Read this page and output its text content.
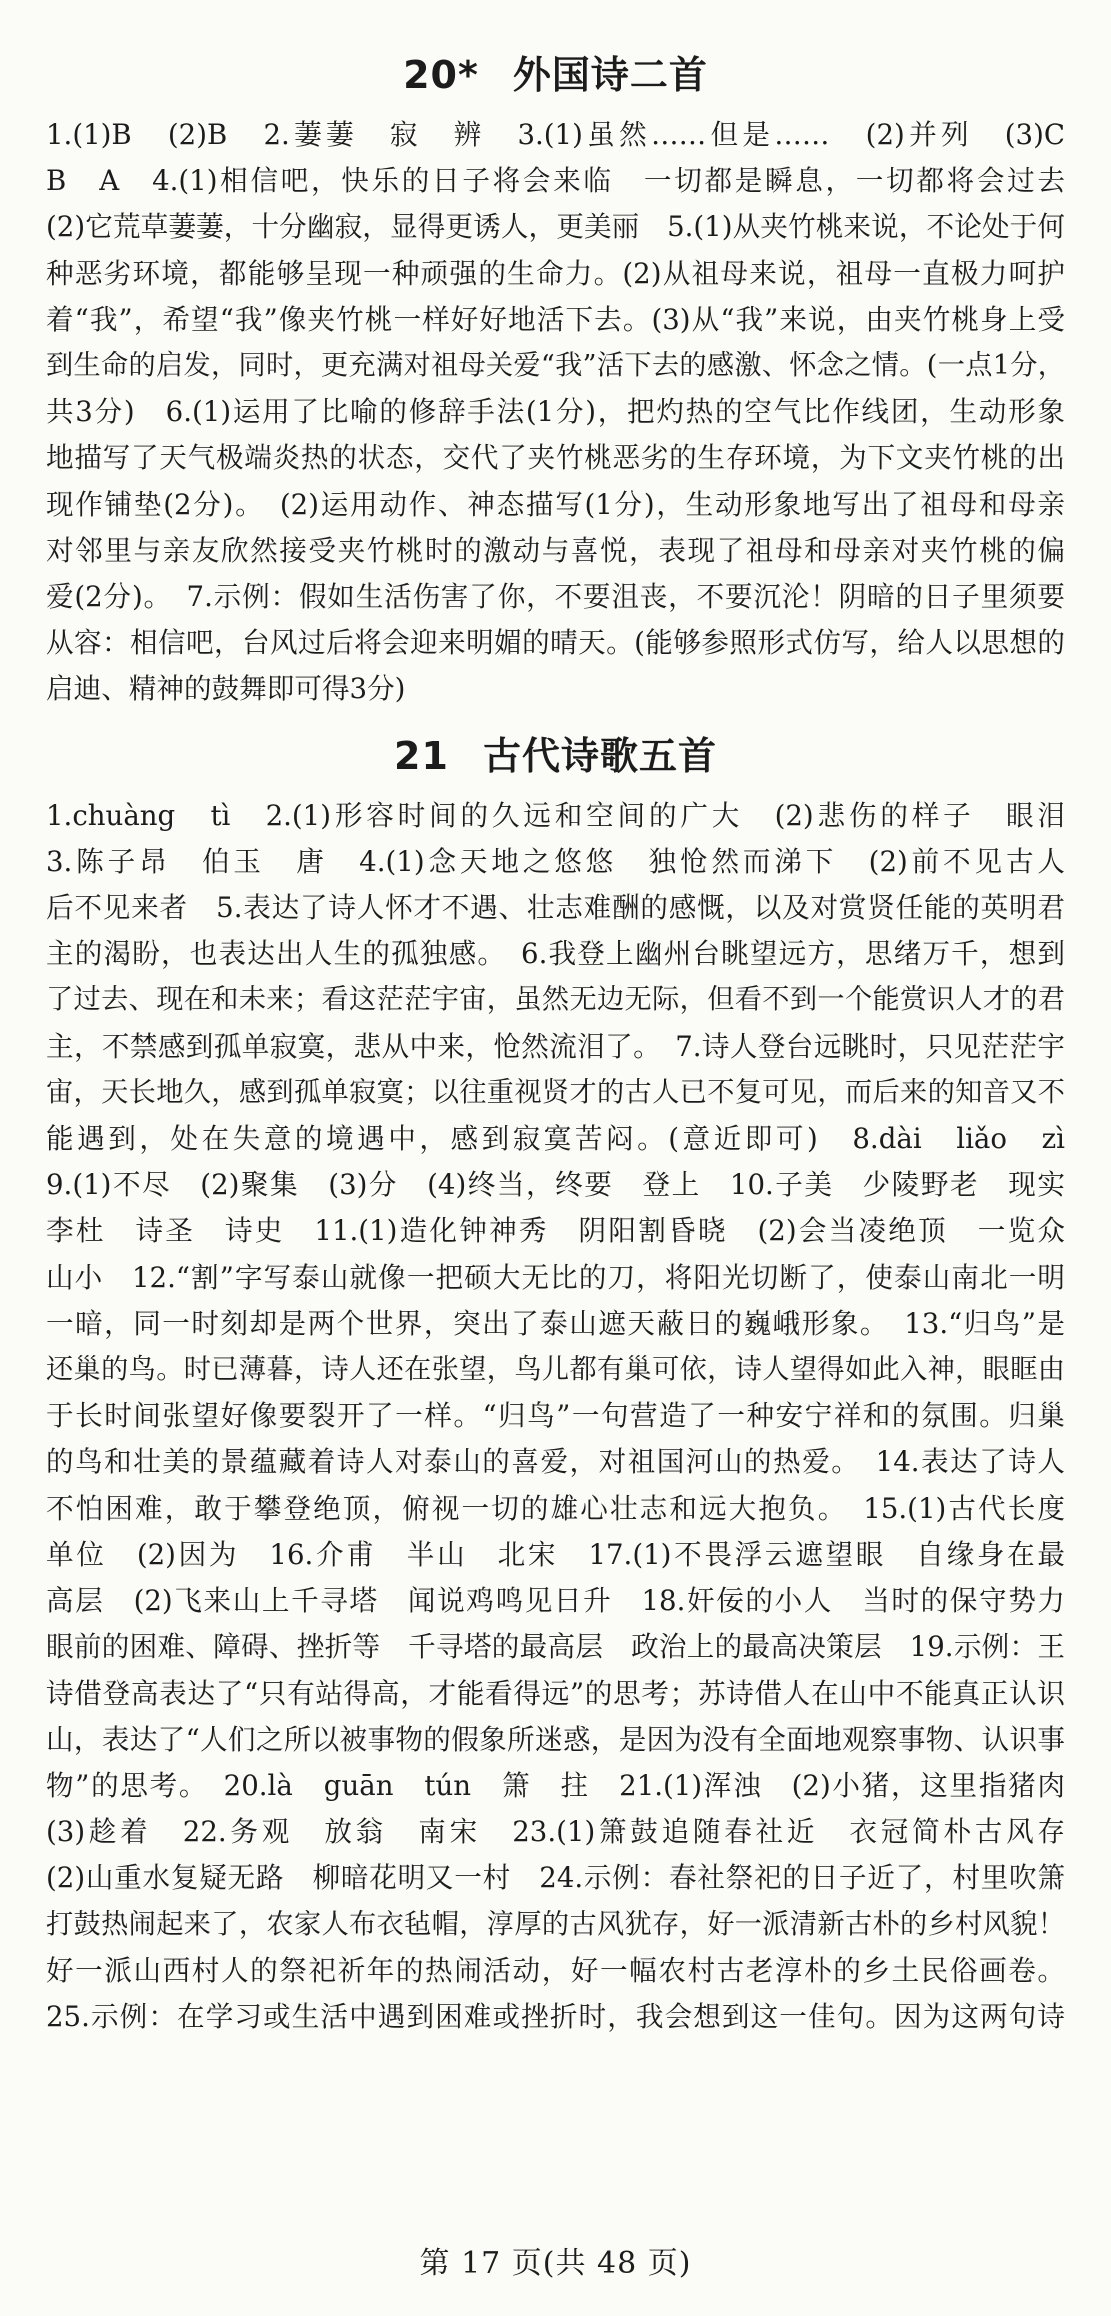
20* 外国诗二首

1.(1)B　(2)B　2.萋萋　寂　辨　3.(1)虽然……但是……　(2)并列　(3)C

B　A　4.(1)相信吧，快乐的日子将会来临　一切都是瞬息，一切都将会过去

(2)它荒草萋萋，十分幽寂，显得更诱人，更美丽　5.(1)从夹竹桃来说，不论处于何

种恶劣环境，都能够呈现一种顽强的生命力。(2)从祖母来说，祖母一直极力呵护

着“我”，希望“我”像夹竹桃一样好好地活下去。(3)从“我”来说，由夹竹桃身上受

到生命的启发，同时，更充满对祖母关爱“我”活下去的感激、怀念之情。(一点1分，

共3分)　6.(1)运用了比喻的修辞手法(1分)，把灼热的空气比作线团，生动形象

地描写了天气极端炎热的状态，交代了夹竹桃恶劣的生存环境，为下文夹竹桃的出

现作铺垫(2分)。　(2)运用动作、神态描写(1分)，生动形象地写出了祖母和母亲

对邻里与亲友欣然接受夹竹桃时的激动与喜悦，表现了祖母和母亲对夹竹桃的偏

爱(2分)。　7.示例：假如生活伤害了你，不要沮丧，不要沉沦！阴暗的日子里须要

从容：相信吧，台风过后将会迎来明媚的晴天。(能够参照形式仿写，给人以思想的

启迪、精神的鼓舞即可得3分)

21 古代诗歌五首

1.chuàng　tì　2.(1)形容时间的久远和空间的广大　(2)悲伤的样子　眼泪

3.陈子昂　伯玉　唐　4.(1)念天地之悠悠　独怆然而涕下　(2)前不见古人

后不见来者　5.表达了诗人怀才不遇、壮志难酬的感慨，以及对赏贤任能的英明君

主的渴盼，也表达出人生的孤独感。　6.我登上幽州台眺望远方，思绪万千，想到

了过去、现在和未来；看这茫茫宇宙，虽然无边无际，但看不到一个能赏识人才的君

主，不禁感到孤单寂寞，悲从中来，怆然流泪了。　7.诗人登台远眺时，只见茫茫宇

宙，天长地久，感到孤单寂寞；以往重视贤才的古人已不复可见，而后来的知音又不

能遇到，处在失意的境遇中，感到寂寞苦闷。(意近即可)　8.dài　liǎo　zì

9.(1)不尽　(2)聚集　(3)分　(4)终当，终要　登上　10.子美　少陵野老　现实

李杜　诗圣　诗史　11.(1)造化钟神秀　阴阳割昏晓　(2)会当凌绝顶　一览众

山小　12.“割”字写泰山就像一把硕大无比的刀，将阳光切断了，使泰山南北一明

一暗，同一时刻却是两个世界，突出了泰山遮天蔽日的巍峨形象。　13.“归鸟”是

还巢的鸟。时已薄暮，诗人还在张望，鸟儿都有巢可依，诗人望得如此入神，眼眶由

于长时间张望好像要裂开了一样。“归鸟”一句营造了一种安宁祥和的氛围。归巢

的鸟和壮美的景蕴藏着诗人对泰山的喜爱，对祖国河山的热爱。　14.表达了诗人

不怕困难，敢于攀登绝顶，俯视一切的雄心壮志和远大抱负。　15.(1)古代长度

单位　(2)因为　16.介甫　半山　北宋　17.(1)不畏浮云遮望眼　自缘身在最

高层　(2)飞来山上千寻塔　闻说鸡鸣见日升　18.奸佞的小人　当时的保守势力

眼前的困难、障碍、挫折等　千寻塔的最高层　政治上的最高决策层　19.示例：王

诗借登高表达了“只有站得高，才能看得远”的思考；苏诗借人在山中不能真正认识

山，表达了“人们之所以被事物的假象所迷惑，是因为没有全面地观察事物、认识事

物”的思考。　20.là　guān　tún　箫　拄　21.(1)浑浊　(2)小猪，这里指猪肉

(3)趁着　22.务观　放翁　南宋　23.(1)箫鼓追随春社近　衣冠简朴古风存

(2)山重水复疑无路　柳暗花明又一村　24.示例：春社祭祀的日子近了，村里吹箫

打鼓热闹起来了，农家人布衣毡帽，淳厚的古风犹存，好一派清新古朴的乡村风貌！

好一派山西村人的祭祀祈年的热闹活动，好一幅农村古老淳朴的乡土民俗画卷。

25.示例：在学习或生活中遇到困难或挫折时，我会想到这一佳句。因为这两句诗

第 17 页(共 48 页)
